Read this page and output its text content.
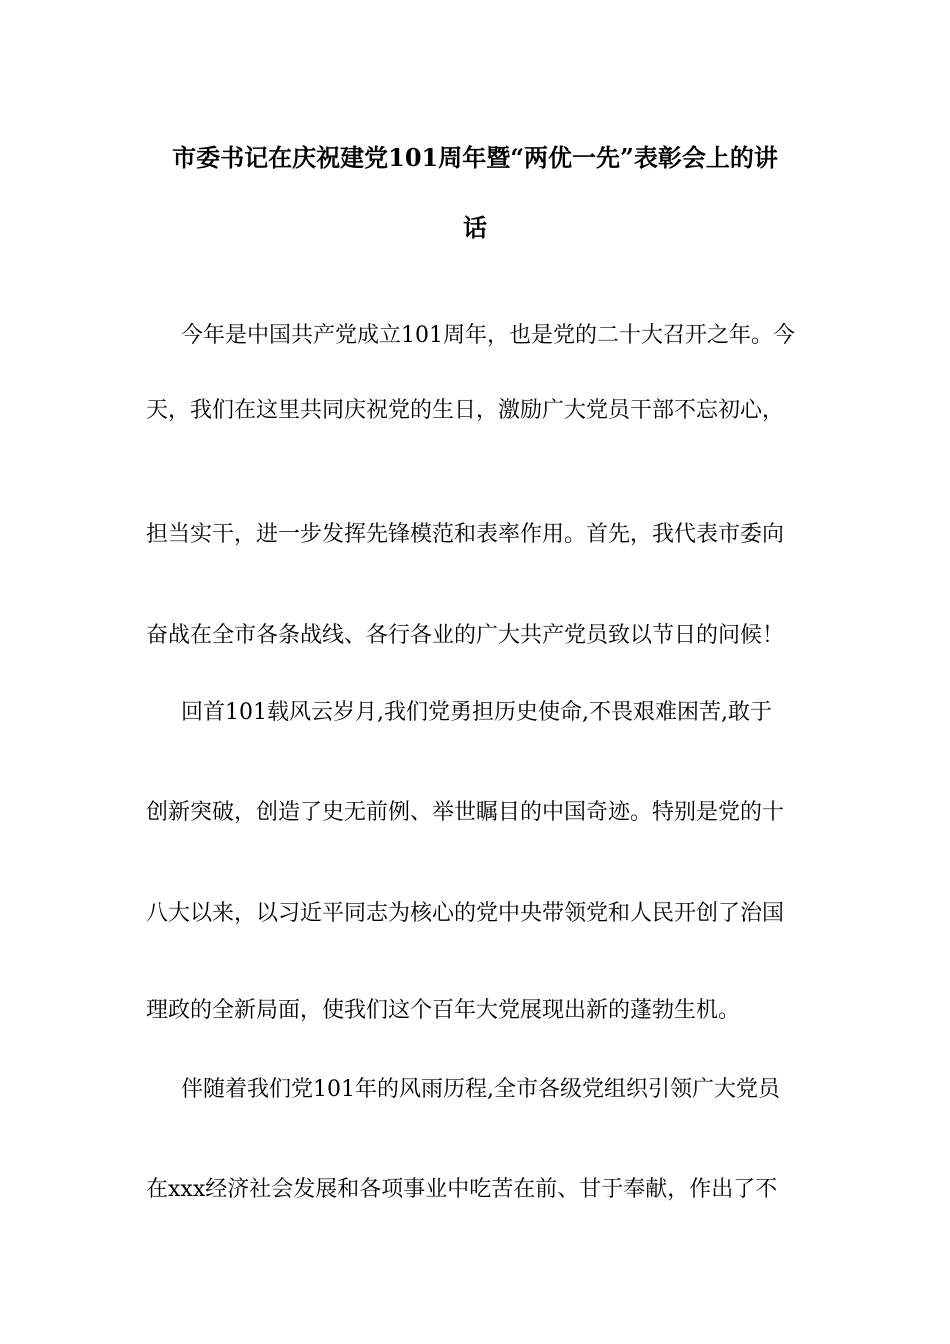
市委书记在庆祝建党101周年暨“两优一先”表彰会上的讲
话
今年是中国共产党成立101周年，也是党的二十大召开之年。今
天，我们在这里共同庆祝党的生日，激励广大党员干部不忘初心，
担当实干，进一步发挥先锋模范和表率作用。首先，我代表市委向
奋战在全市各条战线、各行各业的广大共产党员致以节日的问候！
回首101载风云岁月,我们党勇担历史使命,不畏艰难困苦,敢于
创新突破，创造了史无前例、举世瞩目的中国奇迹。特别是党的十
八大以来，以习近平同志为核心的党中央带领党和人民开创了治国
理政的全新局面，使我们这个百年大党展现出新的蓬勃生机。
伴随着我们党101年的风雨历程,全市各级党组织引领广大党员
在xxx经济社会发展和各项事业中吃苦在前、甘于奉献，作出了不
